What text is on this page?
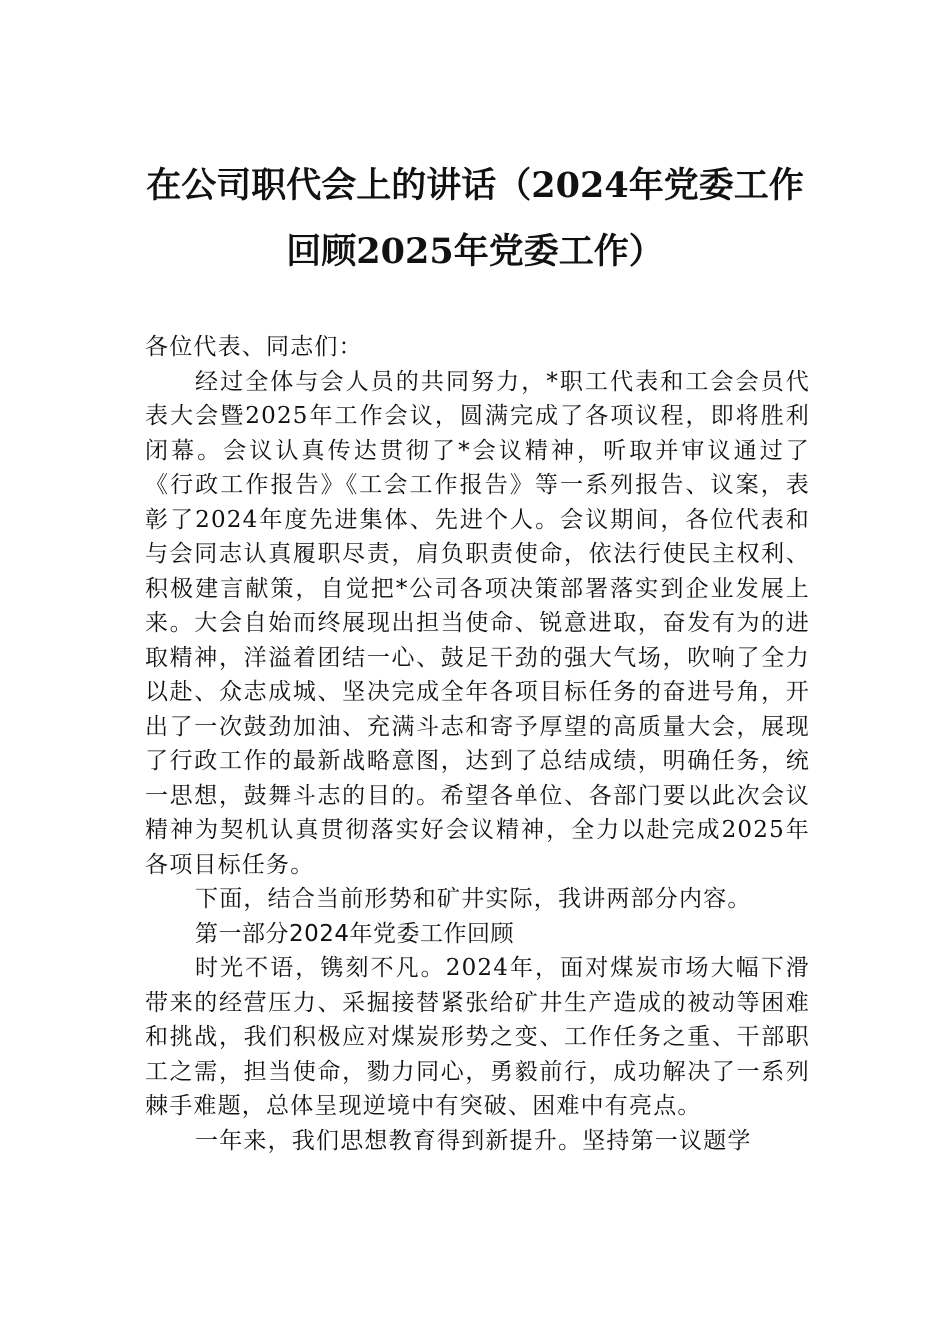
在公司职代会上的讲话（2024年党委工作
回顾2025年党委工作）

各位代表、同志们：

经过全体与会人员的共同努力，*职工代表和工会会员代表大会暨2025年工作会议，圆满完成了各项议程，即将胜利闭幕。会议认真传达贯彻了*会议精神，听取并审议通过了《行政工作报告》《工会工作报告》等一系列报告、议案，表彰了2024年度先进集体、先进个人。会议期间，各位代表和与会同志认真履职尽责，肩负职责使命，依法行使民主权利、积极建言献策，自觉把*公司各项决策部署落实到企业发展上来。大会自始而终展现出担当使命、锐意进取，奋发有为的进取精神，洋溢着团结一心、鼓足干劲的强大气场，吹响了全力以赴、众志成城、坚决完成全年各项目标任务的奋进号角，开出了一次鼓劲加油、充满斗志和寄予厚望的高质量大会，展现了行政工作的最新战略意图，达到了总结成绩，明确任务，统一思想，鼓舞斗志的目的。希望各单位、各部门要以此次会议精神为契机认真贯彻落实好会议精神，全力以赴完成2025年各项目标任务。

下面，结合当前形势和矿井实际，我讲两部分内容。

第一部分2024年党委工作回顾

时光不语，镌刻不凡。2024年，面对煤炭市场大幅下滑带来的经营压力、采掘接替紧张给矿井生产造成的被动等困难和挑战，我们积极应对煤炭形势之变、工作任务之重、干部职工之需，担当使命，勠力同心，勇毅前行，成功解决了一系列棘手难题，总体呈现逆境中有突破、困难中有亮点。

一年来，我们思想教育得到新提升。坚持第一议题学
